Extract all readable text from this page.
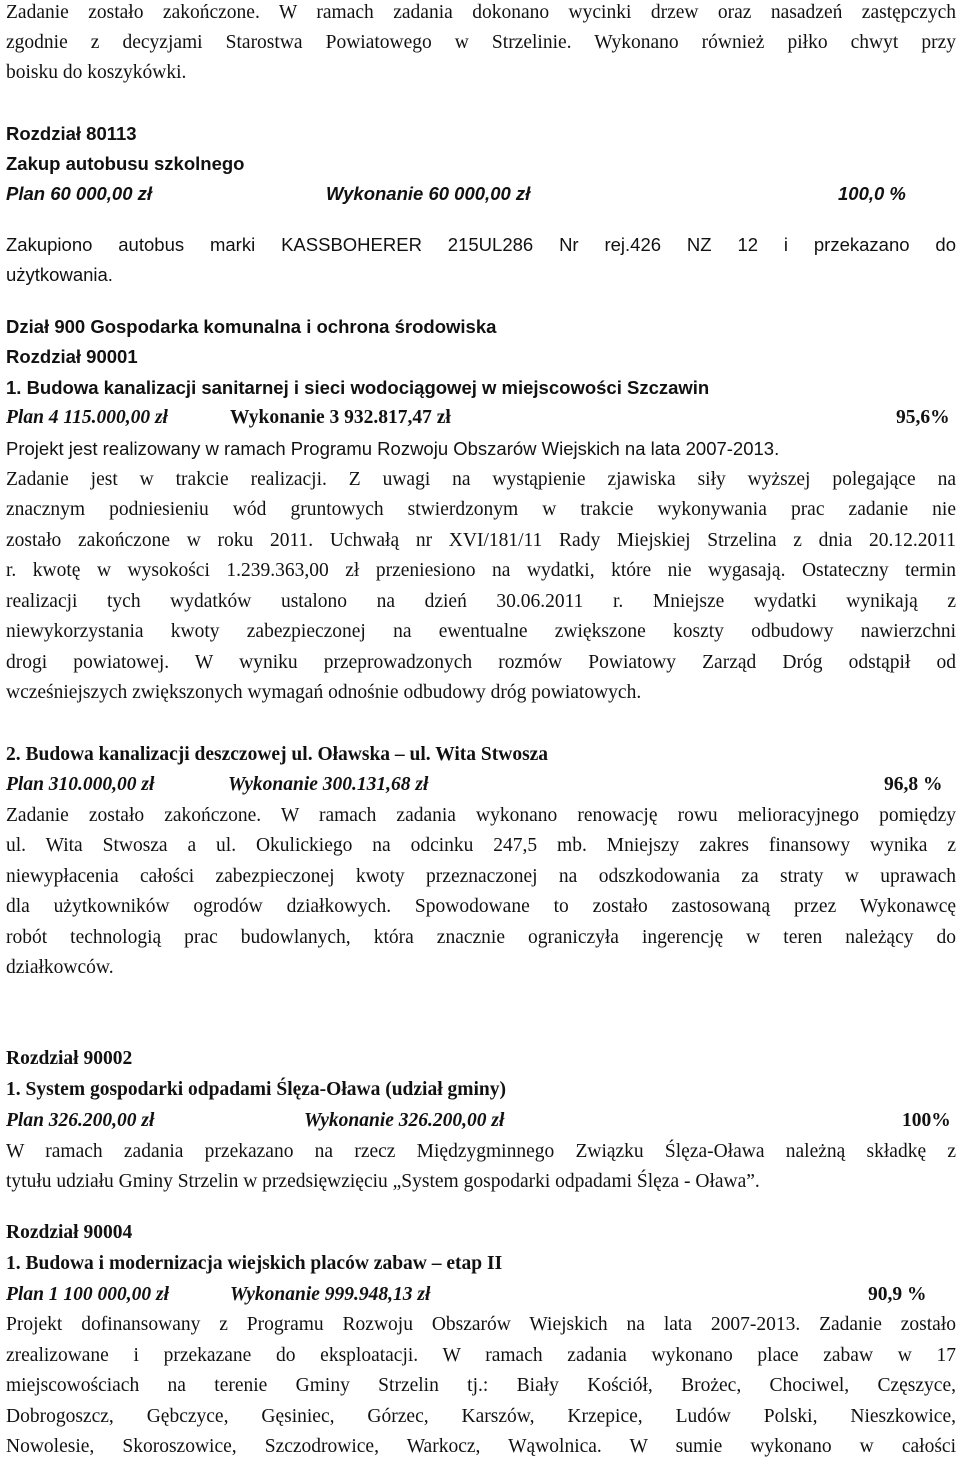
Zadanie zostało zakończone. W ramach zadania dokonano wycinki drzew oraz nasadzeń zastępczych
zgodnie z decyzjami Starostwa Powiatowego w Strzelinie. Wykonano również piłko chwyt przy
boisku do koszykówki.
Rozdział 80113
Zakup autobusu szkolnego
Plan 60 000,00 zł	Wykonanie 60 000,00 zł	100,0 %
Zakupiono autobus marki KASSBOHERER 215UL286 Nr rej.426 NZ 12 i przekazano do
użytkowania.
Dział 900 Gospodarka komunalna i ochrona środowiska
Rozdział 90001
1. Budowa kanalizacji sanitarnej i sieci wodociągowej w miejscowości Szczawin
Plan 4 115.000,00 zł	Wykonanie 3 932.817,47 zł	95,6%
Projekt jest realizowany w ramach Programu Rozwoju Obszarów Wiejskich na lata 2007-2013.
Zadanie jest w trakcie realizacji. Z uwagi na wystąpienie zjawiska siły wyższej polegające na
znacznym podniesieniu wód gruntowych stwierdzonym w trakcie wykonywania prac zadanie nie
zostało zakończone w roku 2011. Uchwałą nr XVI/181/11 Rady Miejskiej Strzelina z dnia 20.12.2011
r. kwotę w wysokości 1.239.363,00 zł przeniesiono na wydatki, które nie wygasają. Ostateczny termin
realizacji tych wydatków ustalono na dzień 30.06.2011 r. Mniejsze wydatki wynikają z
niewykorzystania kwoty zabezpieczonej na ewentualne zwiększone koszty odbudowy nawierzchni
drogi powiatowej. W wyniku przeprowadzonych rozmów Powiatowy Zarząd Dróg odstąpił od
wcześniejszych zwiększonych wymagań odnośnie odbudowy dróg powiatowych.
2. Budowa kanalizacji deszczowej ul. Oławska – ul. Wita Stwosza
Plan 310.000,00 zł	Wykonanie 300.131,68 zł	96,8 %
Zadanie zostało zakończone. W ramach zadania wykonano renowację rowu melioracyjnego pomiędzy
ul. Wita Stwosza a ul. Okulickiego na odcinku 247,5 mb. Mniejszy zakres finansowy wynika z
niewypłacenia całości zabezpieczonej kwoty przeznaczonej na odszkodowania za straty w uprawach
dla użytkowników ogrodów działkowych. Spowodowane to zostało zastosowaną przez Wykonawcę
robót technologią prac budowlanych, która znacznie ograniczyła ingerencję w teren należący do
działkowców.
Rozdział 90002
1. System gospodarki odpadami Ślęza-Oława (udział gminy)
Plan 326.200,00 zł	Wykonanie 326.200,00 zł	100%
W ramach zadania przekazano na rzecz Międzygminnego Związku Ślęza-Oława należną składkę z
tytułu udziału Gminy Strzelin w przedsięwzięciu „System gospodarki odpadami Ślęza - Oława”.
Rozdział 90004
1. Budowa i modernizacja wiejskich placów zabaw – etap II
Plan 1 100 000,00 zł	Wykonanie 999.948,13 zł	90,9 %
Projekt dofinansowany z Programu Rozwoju Obszarów Wiejskich na lata 2007-2013. Zadanie zostało
zrealizowane i przekazane do eksploatacji. W ramach zadania wykonano place zabaw w 17
miejscowościach na terenie Gminy Strzelin tj.: Biały Kościół, Brożec, Chociwel, Częszyce,
Dobrogoszcz, Gębczyce, Gęsiniec, Górzec, Karszów, Krzepice, Ludów Polski, Nieszkowice,
Nowolesie, Skoroszowice, Szczodrowice, Warkocz, Wąwolnica. W sumie wykonano w całości
